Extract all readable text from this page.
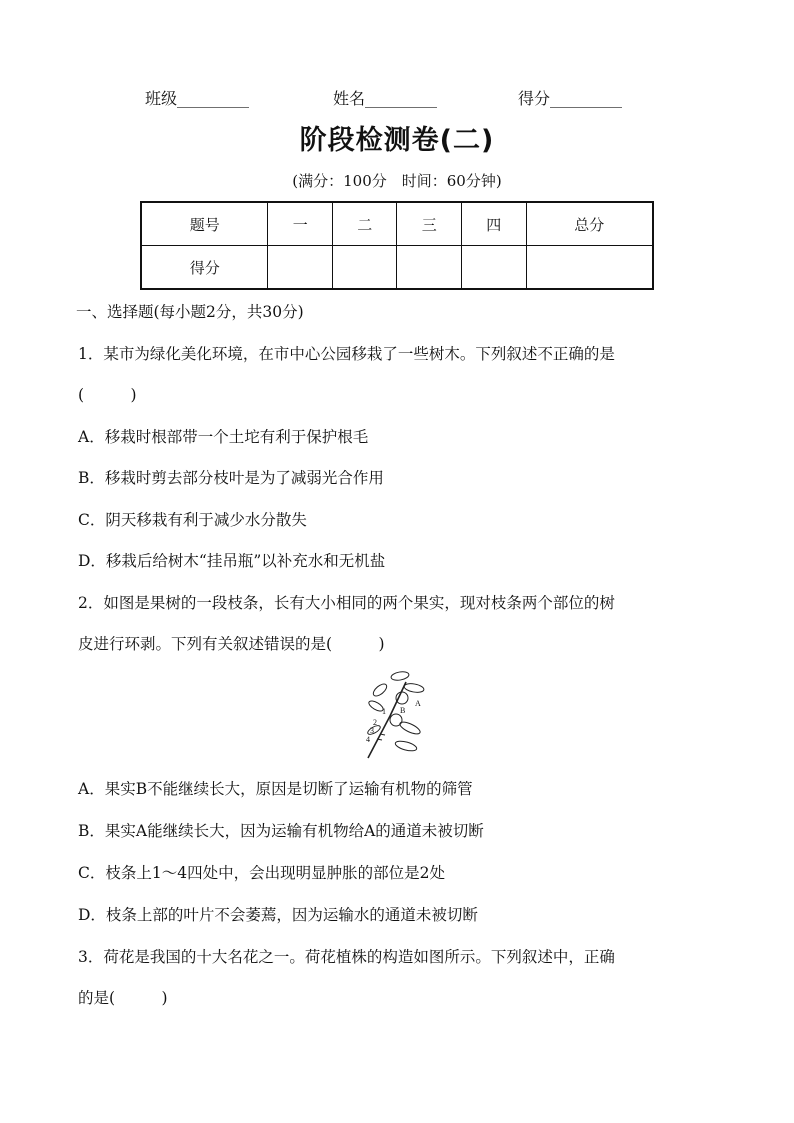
班级_________	姓名_________	得分_________
阶段检测卷(二)
(满分：100分　时间：60分钟)
题号	一	二	三	四	总分
得分					
一、选择题(每小题2分，共30分)
1．某市为绿化美化环境，在市中心公园移栽了一些树木。下列叙述不正确的是
(　　　)
A．移栽时根部带一个土坨有利于保护根毛
B．移栽时剪去部分枝叶是为了减弱光合作用
C．阴天移栽有利于减少水分散失
D．移栽后给树木“挂吊瓶”以补充水和无机盐
2．如图是果树的一段枝条，长有大小相同的两个果实，现对枝条两个部位的树
皮进行环剥。下列有关叙述错误的是(　　　)
A
B
1
2
3
4
A．果实B不能继续长大，原因是切断了运输有机物的筛管
B．果实A能继续长大，因为运输有机物给A的通道未被切断
C．枝条上1～4四处中，会出现明显肿胀的部位是2处
D．枝条上部的叶片不会萎蔫，因为运输水的通道未被切断
3．荷花是我国的十大名花之一。荷花植株的构造如图所示。下列叙述中，正确
的是(　　　)
